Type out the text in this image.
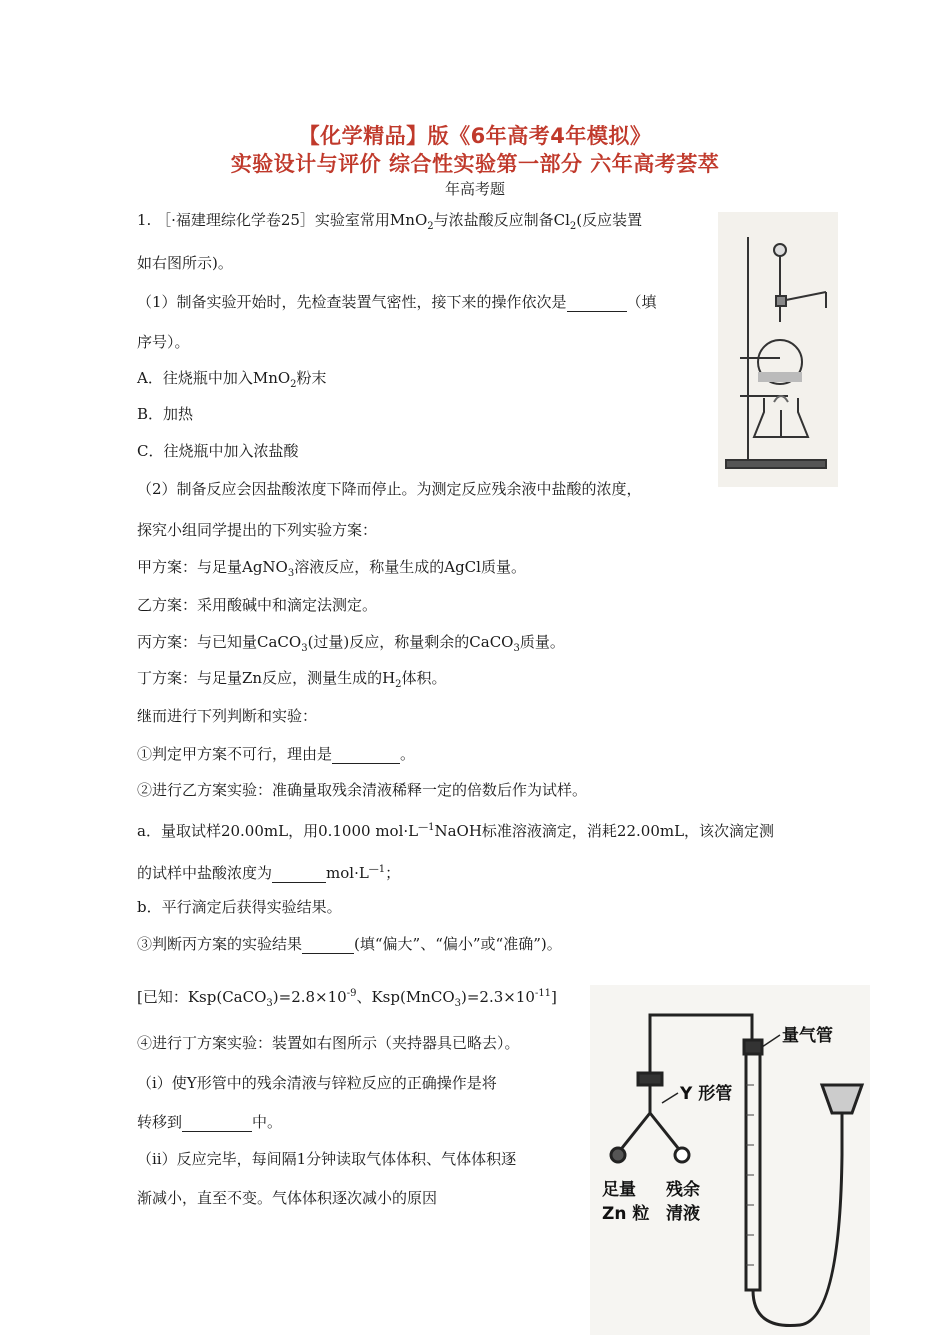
【化学精品】版《6年高考4年模拟》
实验设计与评价 综合性实验第一部分 六年高考荟萃
年高考题
1. ［·福建理综化学卷25］实验室常用MnO$_2$与浓盐酸反应制备$Cl_2$(反应装置
如右图所示)。
（1）制备实验开始时，先检查装置气密性，接下来的操作依次是	（填
序号）。
A．往烧瓶中加入MnO$_2$粉末
B．加热
C．往烧瓶中加入浓盐酸
（2）制备反应会因盐酸浓度下降而停止。为测定反应残余液中盐酸的浓度，
探究小组同学提出的下列实验方案：
甲方案：与足量AgNO$_3$溶液反应，称量生成的AgCl质量。
乙方案：采用酸碱中和滴定法测定。
丙方案：与已知量CaCO$_3$(过量)反应，称量剩余的CaCO$_3$质量。
丁方案：与足量Zn反应，测量生成的$H_2$体积。
继而进行下列判断和实验：
①判定甲方案不可行，理由是	。
②进行乙方案实验：准确量取残余清液稀释一定的倍数后作为试样。
a．量取试样20.00mL，用0.1000 $mol\cdot L^{—1}NaOH$标准溶液滴定，消耗22.00mL，该次滴定测
的试样中盐酸浓度为	$mol\cdot L^{—1}$；
b．平行滴定后获得实验结果。
③判断丙方案的实验结果	(填“偏大”、“偏小”或“准确”)。
[已知：$Ksp(CaCO_3)=2.8\times 10^{-9}$、$Ksp(MnCO_3)=2.3\times 10^{-11}$]
④进行丁方案实验：装置如右图所示（夹持器具已略去）。
（i）使Y形管中的残余清液与锌粒反应的正确操作是将
转移到	中。
（ii）反应完毕，每间隔1分钟读取气体体积、气体体积逐
渐减小，直至不变。气体体积逐次减小的原因
量气管
Y 形管
足量
Zn 粒
残余
清液
